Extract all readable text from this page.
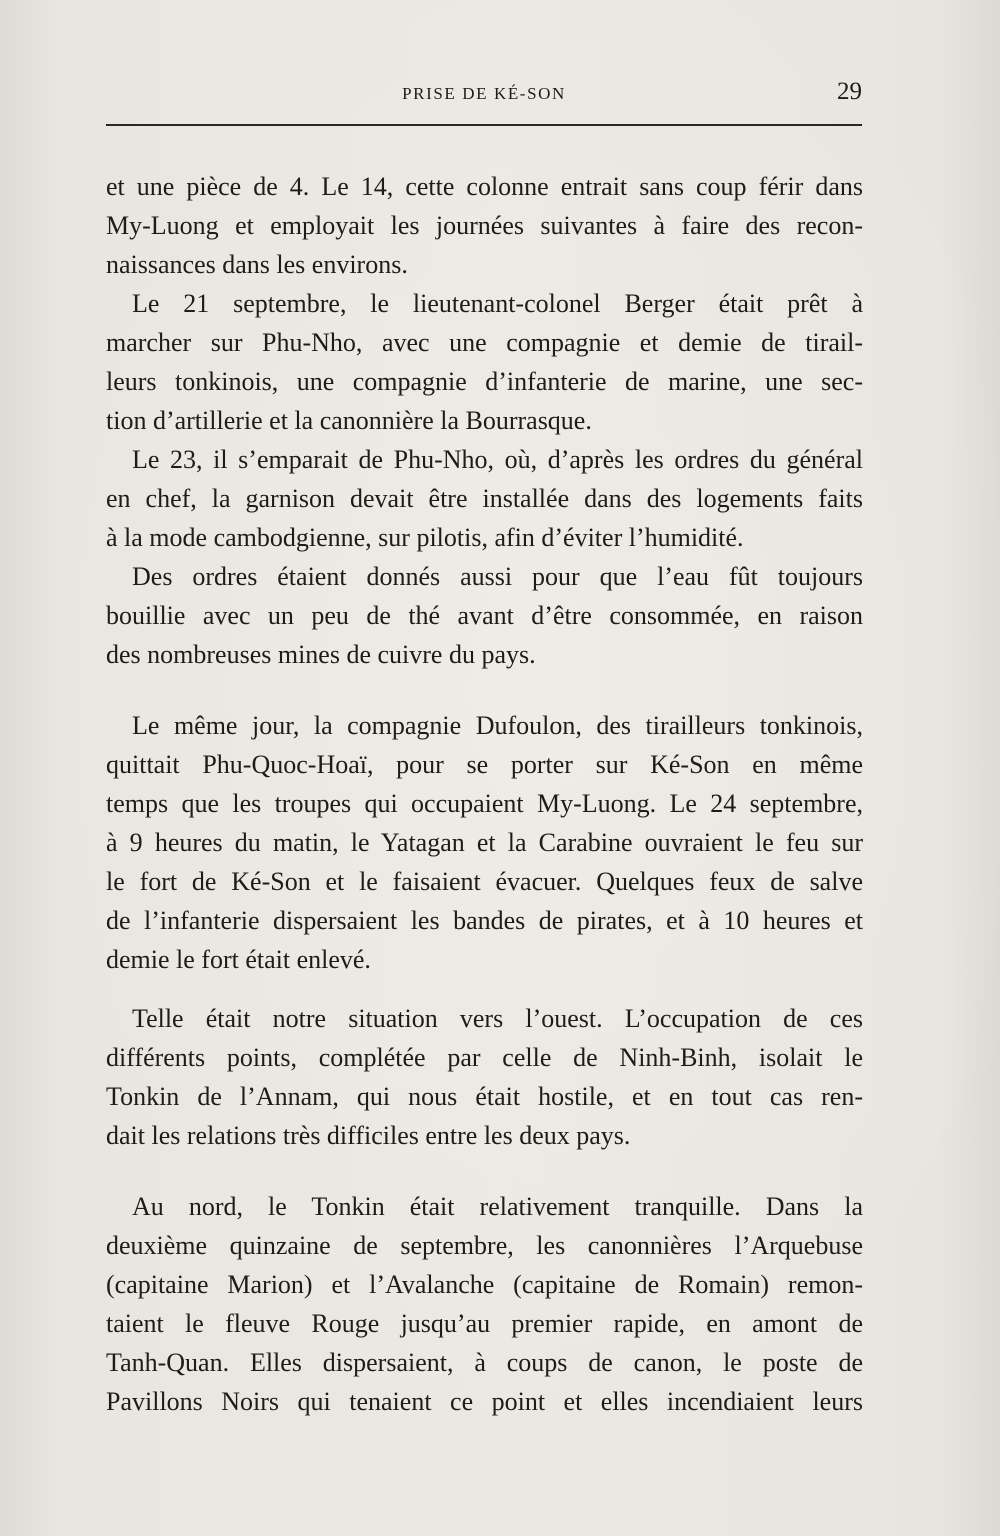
PRISE DE KÉ-SON	29
et une pièce de 4. Le 14, cette colonne entrait sans coup férir dans
My-Luong et employait les journées suivantes à faire des recon-
naissances dans les environs.
Le 21 septembre, le lieutenant-colonel Berger était prêt à
marcher sur Phu-Nho, avec une compagnie et demie de tirail-
leurs tonkinois, une compagnie d’infanterie de marine, une sec-
tion d’artillerie et la canonnière la Bourrasque.
Le 23, il s’emparait de Phu-Nho, où, d’après les ordres du général
en chef, la garnison devait être installée dans des logements faits
à la mode cambodgienne, sur pilotis, afin d’éviter l’humidité.
Des ordres étaient donnés aussi pour que l’eau fût toujours
bouillie avec un peu de thé avant d’être consommée, en raison
des nombreuses mines de cuivre du pays.
Le même jour, la compagnie Dufoulon, des tirailleurs tonkinois,
quittait Phu-Quoc-Hoaï, pour se porter sur Ké-Son en même
temps que les troupes qui occupaient My-Luong. Le 24 septembre,
à 9 heures du matin, le Yatagan et la Carabine ouvraient le feu sur
le fort de Ké-Son et le faisaient évacuer. Quelques feux de salve
de l’infanterie dispersaient les bandes de pirates, et à 10 heures et
demie le fort était enlevé.
Telle était notre situation vers l’ouest. L’occupation de ces
différents points, complétée par celle de Ninh-Binh, isolait le
Tonkin de l’Annam, qui nous était hostile, et en tout cas ren-
dait les relations très difficiles entre les deux pays.
Au nord, le Tonkin était relativement tranquille. Dans la
deuxième quinzaine de septembre, les canonnières l’Arquebuse
(capitaine Marion) et l’Avalanche (capitaine de Romain) remon-
taient le fleuve Rouge jusqu’au premier rapide, en amont de
Tanh-Quan. Elles dispersaient, à coups de canon, le poste de
Pavillons Noirs qui tenaient ce point et elles incendiaient leurs
